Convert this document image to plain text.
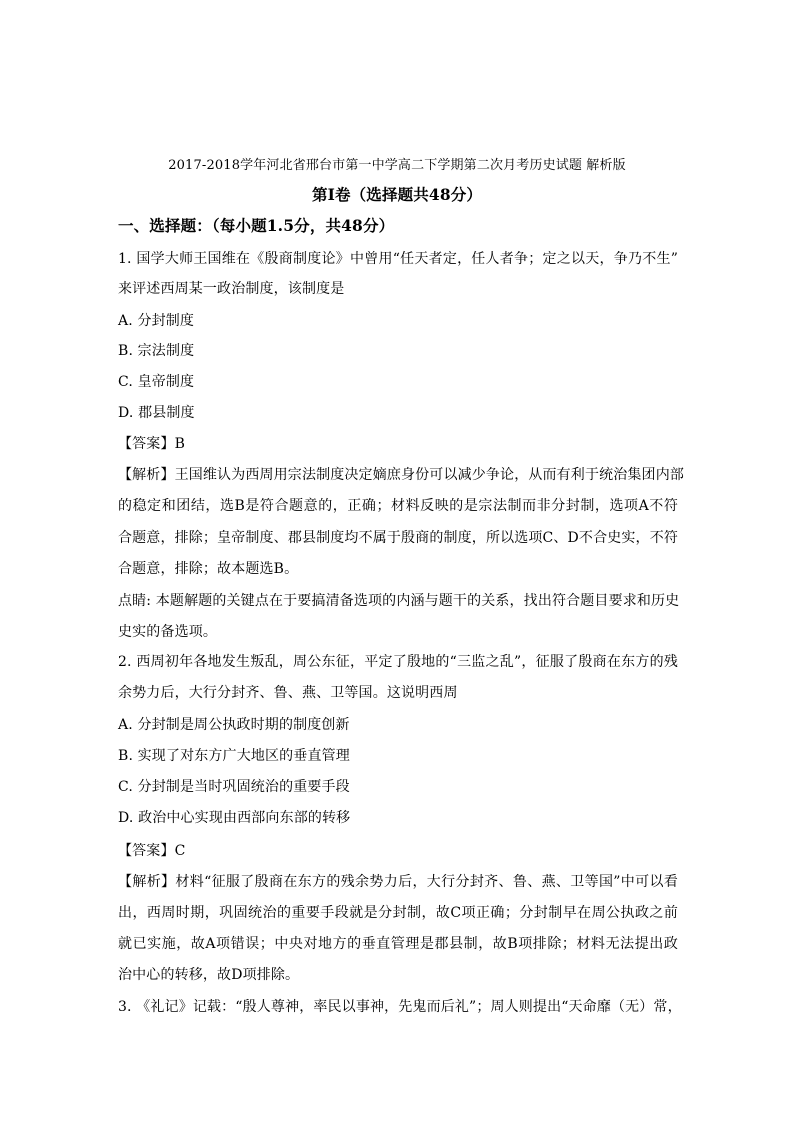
2017-2018学年河北省邢台市第一中学高二下学期第二次月考历史试题 解析版
第Ⅰ卷（选择题共48分）
一、选择题：（每小题1.5分，共48分）
1. 国学大师王国维在《殷商制度论》中曾用“任天者定，任人者争；定之以天，争乃不生”
来评述西周某一政治制度，该制度是
A. 分封制度
B. 宗法制度
C. 皇帝制度
D. 郡县制度
【答案】B
【解析】王国维认为西周用宗法制度决定嫡庶身份可以减少争论，从而有利于统治集团内部
的稳定和团结，选B是符合题意的，正确；材料反映的是宗法制而非分封制，选项A不符
合题意，排除；皇帝制度、郡县制度均不属于殷商的制度，所以选项C、D不合史实，不符
合题意，排除；故本题选B。
点睛: 本题解题的关键点在于要搞清备选项的内涵与题干的关系，找出符合题目要求和历史
史实的备选项。
2. 西周初年各地发生叛乱，周公东征，平定了殷地的“三监之乱”，征服了殷商在东方的残
余势力后，大行分封齐、鲁、燕、卫等国。这说明西周
A. 分封制是周公执政时期的制度创新
B. 实现了对东方广大地区的垂直管理
C. 分封制是当时巩固统治的重要手段
D. 政治中心实现由西部向东部的转移
【答案】C
【解析】材料“征服了殷商在东方的残余势力后，大行分封齐、鲁、燕、卫等国”中可以看
出，西周时期，巩固统治的重要手段就是分封制，故C项正确；分封制早在周公执政之前
就已实施，故A项错误；中央对地方的垂直管理是郡县制，故B项排除；材料无法提出政
治中心的转移，故D项排除。
3. 《礼记》记载：“殷人尊神，率民以事神，先鬼而后礼”；周人则提出“天命靡（无）常，
